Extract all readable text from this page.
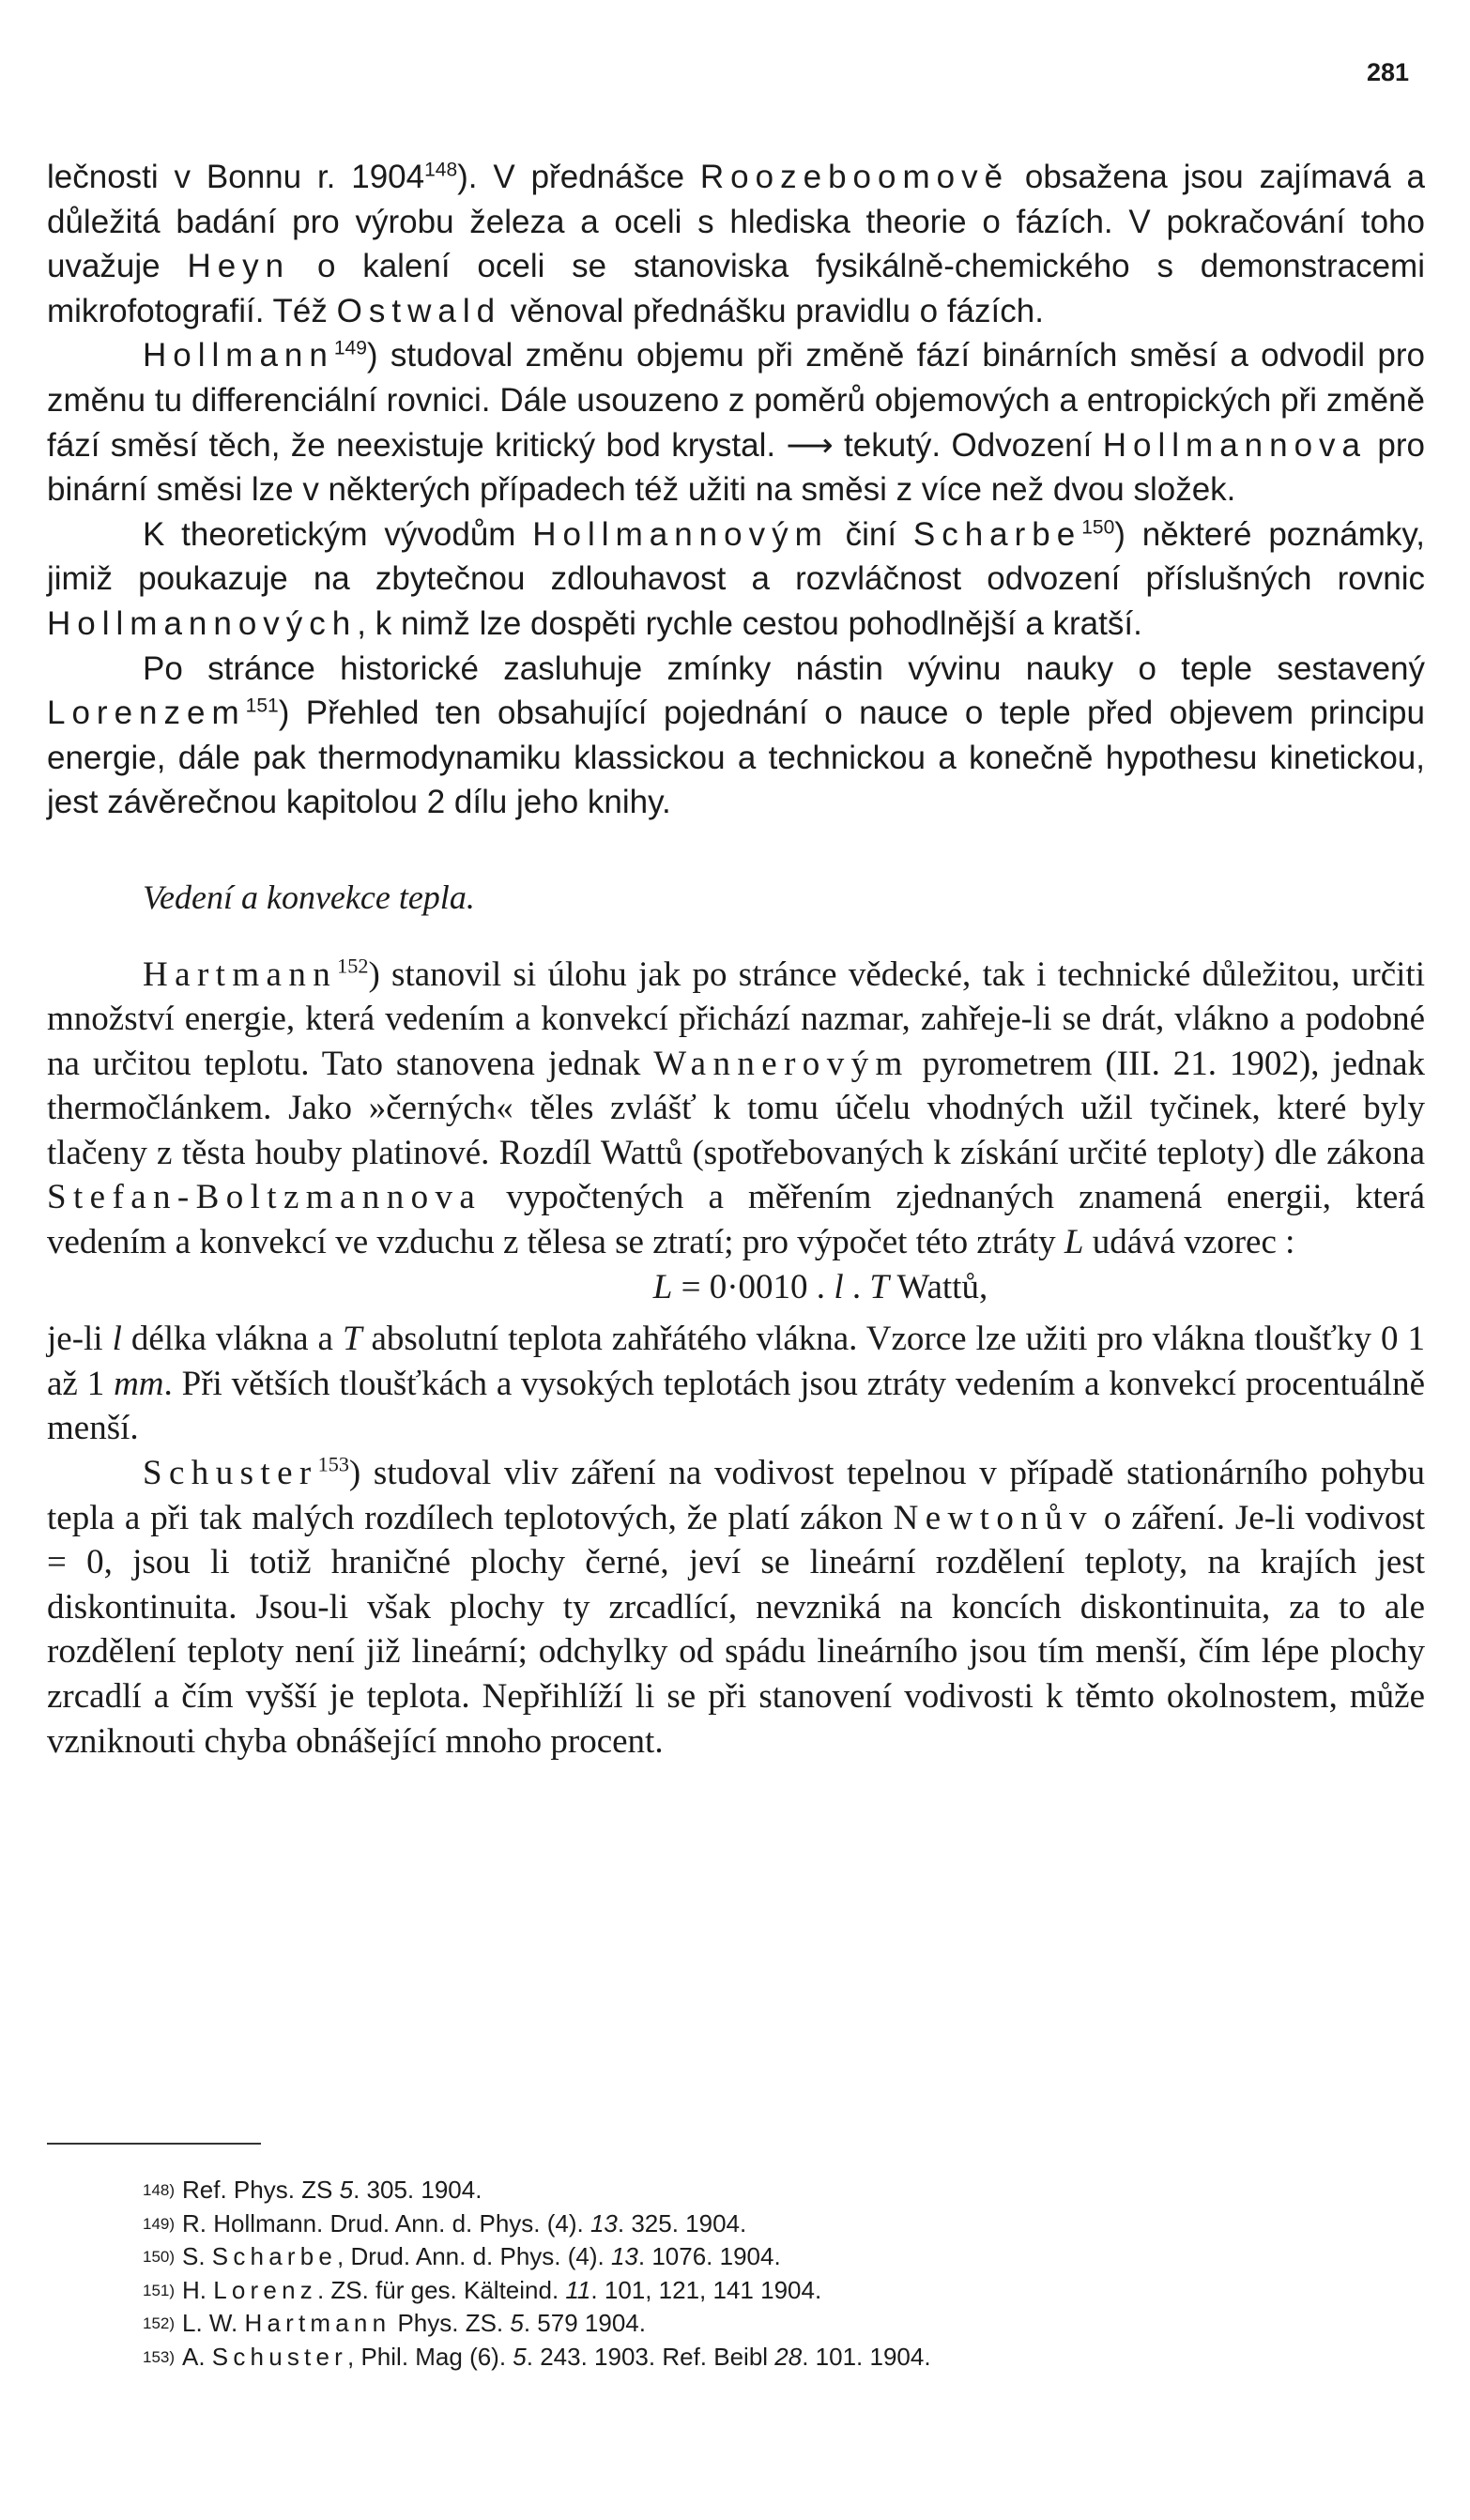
281

lečnosti v Bonnu r. 1904$^{148}$). V přednášce Roozeboomově obsažena jsou zajímavá a důležitá badání pro výrobu železa a oceli s hlediska theorie o fázích. V pokračování toho uvažuje Heyn o kalení oceli se stanoviska fysikálně-chemického s demonstracemi mikrofotografií. Též Ostwald věnoval přednášku pravidlu o fázích.

Hollmann$^{149}$) studoval změnu objemu při změně fází binárních směsí a odvodil pro změnu tu differenciální rovnici. Dále usouzeno z poměrů objemových a entropických při změně fází směsí těch, že neexistuje kritický bod krystal. ⟶ tekutý. Odvození Hollmannova pro binární směsi lze v některých případech též užiti na směsi z více než dvou složek.

K theoretickým vývodům Hollmannovým činí Scharbe$^{150}$) některé poznámky, jimiž poukazuje na zbytečnou zdlouhavost a rozvláčnost odvození příslušných rovnic Hollmannových, k nimž lze dospěti rychle cestou pohodlnější a kratší.

Po stránce historické zasluhuje zmínky nástin vývinu nauky o teple sestavený Lorenzem$^{151}$) Přehled ten obsahující pojednání o nauce o teple před objevem principu energie, dále pak thermodynamiku klassickou a technickou a konečně hypothesu kinetickou, jest závěrečnou kapitolou 2 dílu jeho knihy.

Vedení a konvekce tepla.

Hartmann$^{152}$) stanovil si úlohu jak po stránce vědecké, tak i technické důležitou, určiti množství energie, která vedením a konvekcí přichází nazmar, zahřeje-li se drát, vlákno a podobné na určitou teplotu. Tato stanovena jednak Wannerovým pyrometrem (III. 21. 1902), jednak thermočlánkem. Jako »černých« těles zvlášť k tomu účelu vhodných užil tyčinek, které byly tlačeny z těsta houby platinové. Rozdíl Wattů (spotřebovaných k získání určité teploty) dle zákona Stefan-Boltzmannova vypočtených a měřením zjednaných znamená energii, která vedením a konvekcí ve vzduchu z tělesa se ztratí; pro výpočet této ztráty L udává vzorec :

L = 0·0010 . l . T Wattů,

je-li l délka vlákna a T absolutní teplota zahřátého vlákna. Vzorce lze užiti pro vlákna tloušťky 0 1 až 1 mm. Při větších tloušťkách a vysokých teplotách jsou ztráty vedením a konvekcí procentuálně menší.

Schuster$^{153}$) studoval vliv záření na vodivost tepelnou v případě stationárního pohybu tepla a při tak malých rozdílech teplotových, že platí zákon Newtonův o záření. Je-li vodivost = 0, jsou li totiž hraničné plochy černé, jeví se lineární rozdělení teploty, na krajích jest diskontinuita. Jsou-li však plochy ty zrcadlící, nevzniká na koncích diskontinuita, za to ale rozdělení teploty není již lineární; odchylky od spádu lineárního jsou tím menší, čím lépe plochy zrcadlí a čím vyšší je teplota. Nepřihlíží li se při stanovení vodivosti k těmto okolnostem, může vzniknouti chyba obnášející mnoho procent.

148) Ref. Phys. ZS 5. 305. 1904.
149) R. Hollmann. Drud. Ann. d. Phys. (4). 13. 325. 1904.
150) S. Scharbe, Drud. Ann. d. Phys. (4). 13. 1076. 1904.
151) H. Lorenz. ZS. für ges. Kälteind. 11. 101, 121, 141 1904.
152) L. W. Hartmann Phys. ZS. 5. 579 1904.
153) A. Schuster, Phil. Mag (6). 5. 243. 1903. Ref. Beibl 28. 101. 1904.
